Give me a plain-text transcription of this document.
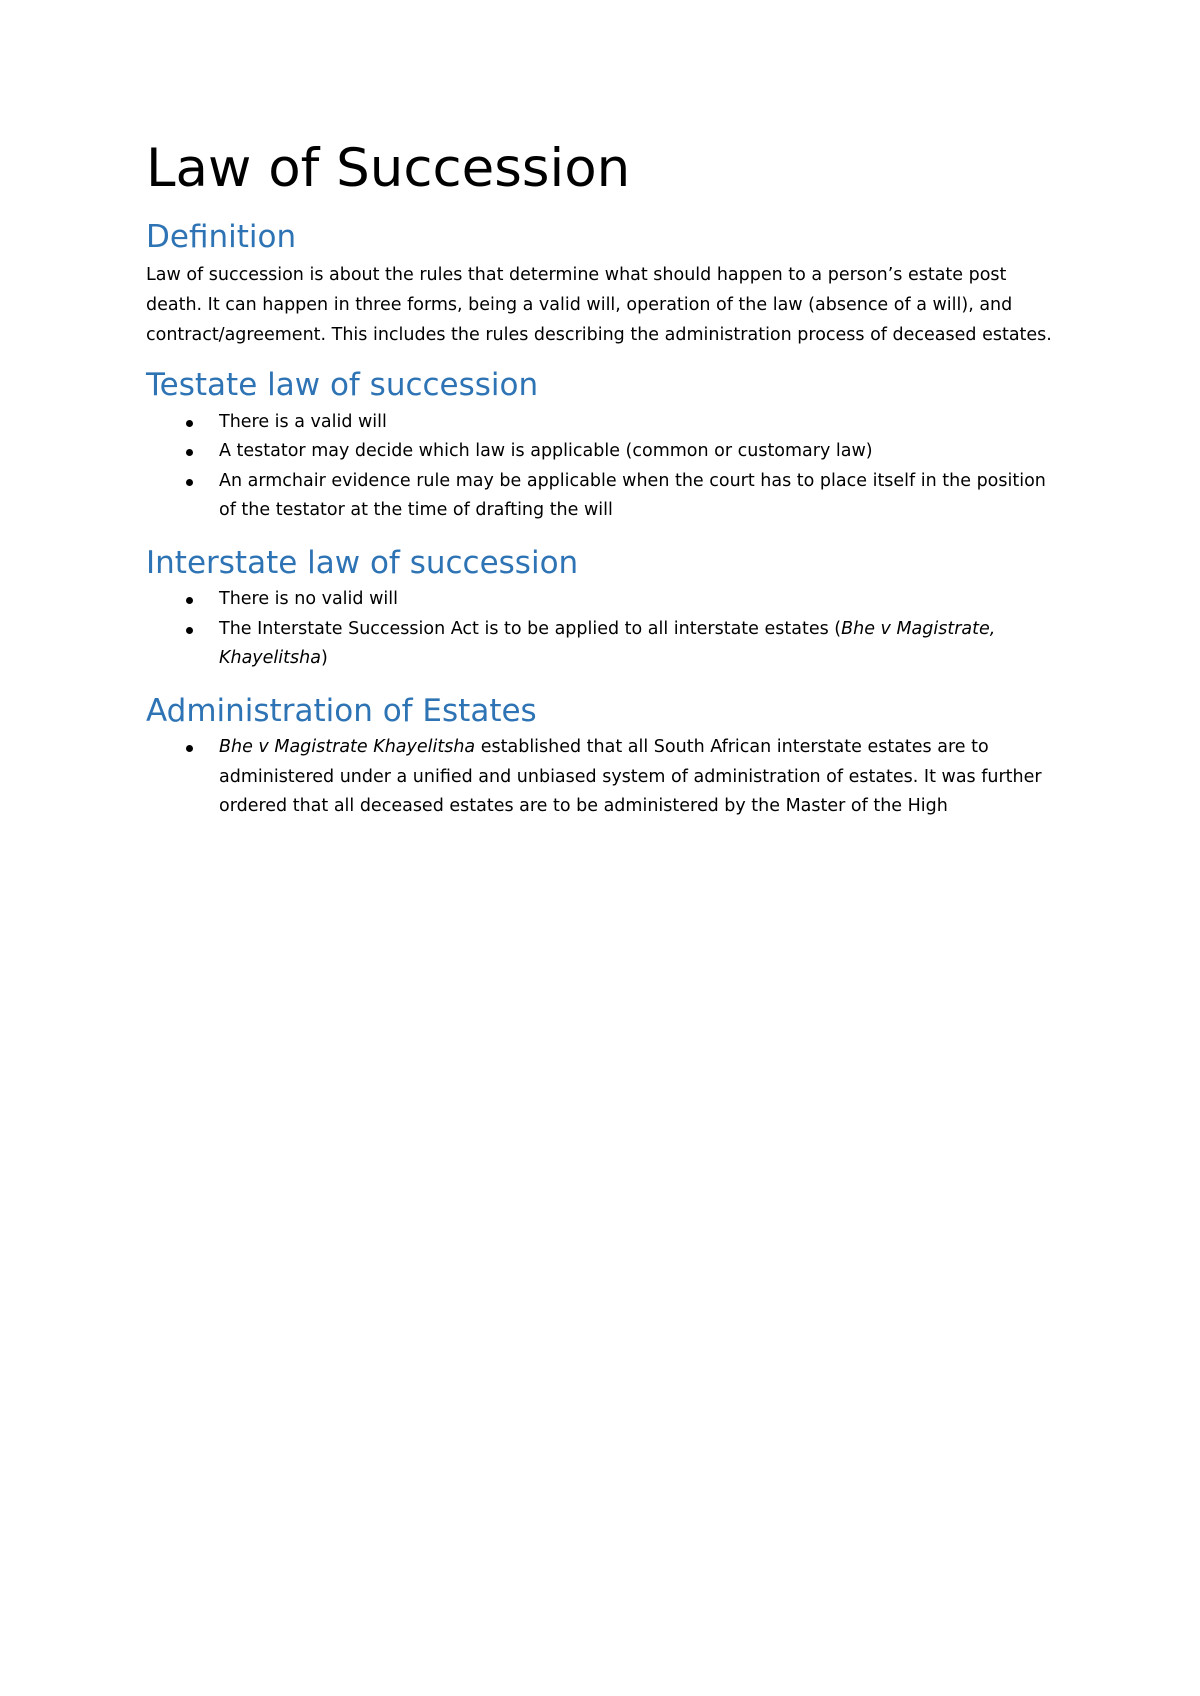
Law of Succession
Definition

Law of succession is about the rules that determine what should happen to a person’s estate post death. It can happen in three forms, being a valid will, operation of the law (absence of a will), and contract/agreement. This includes the rules describing the administration process of deceased estates.

Testate law of succession
There is a valid will
A testator may decide which law is applicable (common or customary law)
An armchair evidence rule may be applicable when the court has to place itself in the position of the testator at the time of drafting the will
Interstate law of succession
There is no valid will
The Interstate Succession Act is to be applied to all interstate estates (Bhe v Magistrate, Khayelitsha)
Administration of Estates
Bhe v Magistrate Khayelitsha established that all South African interstate estates are to administered under a unified and unbiased system of administration of estates. It was further ordered that all deceased estates are to be administered by the Master of the High
